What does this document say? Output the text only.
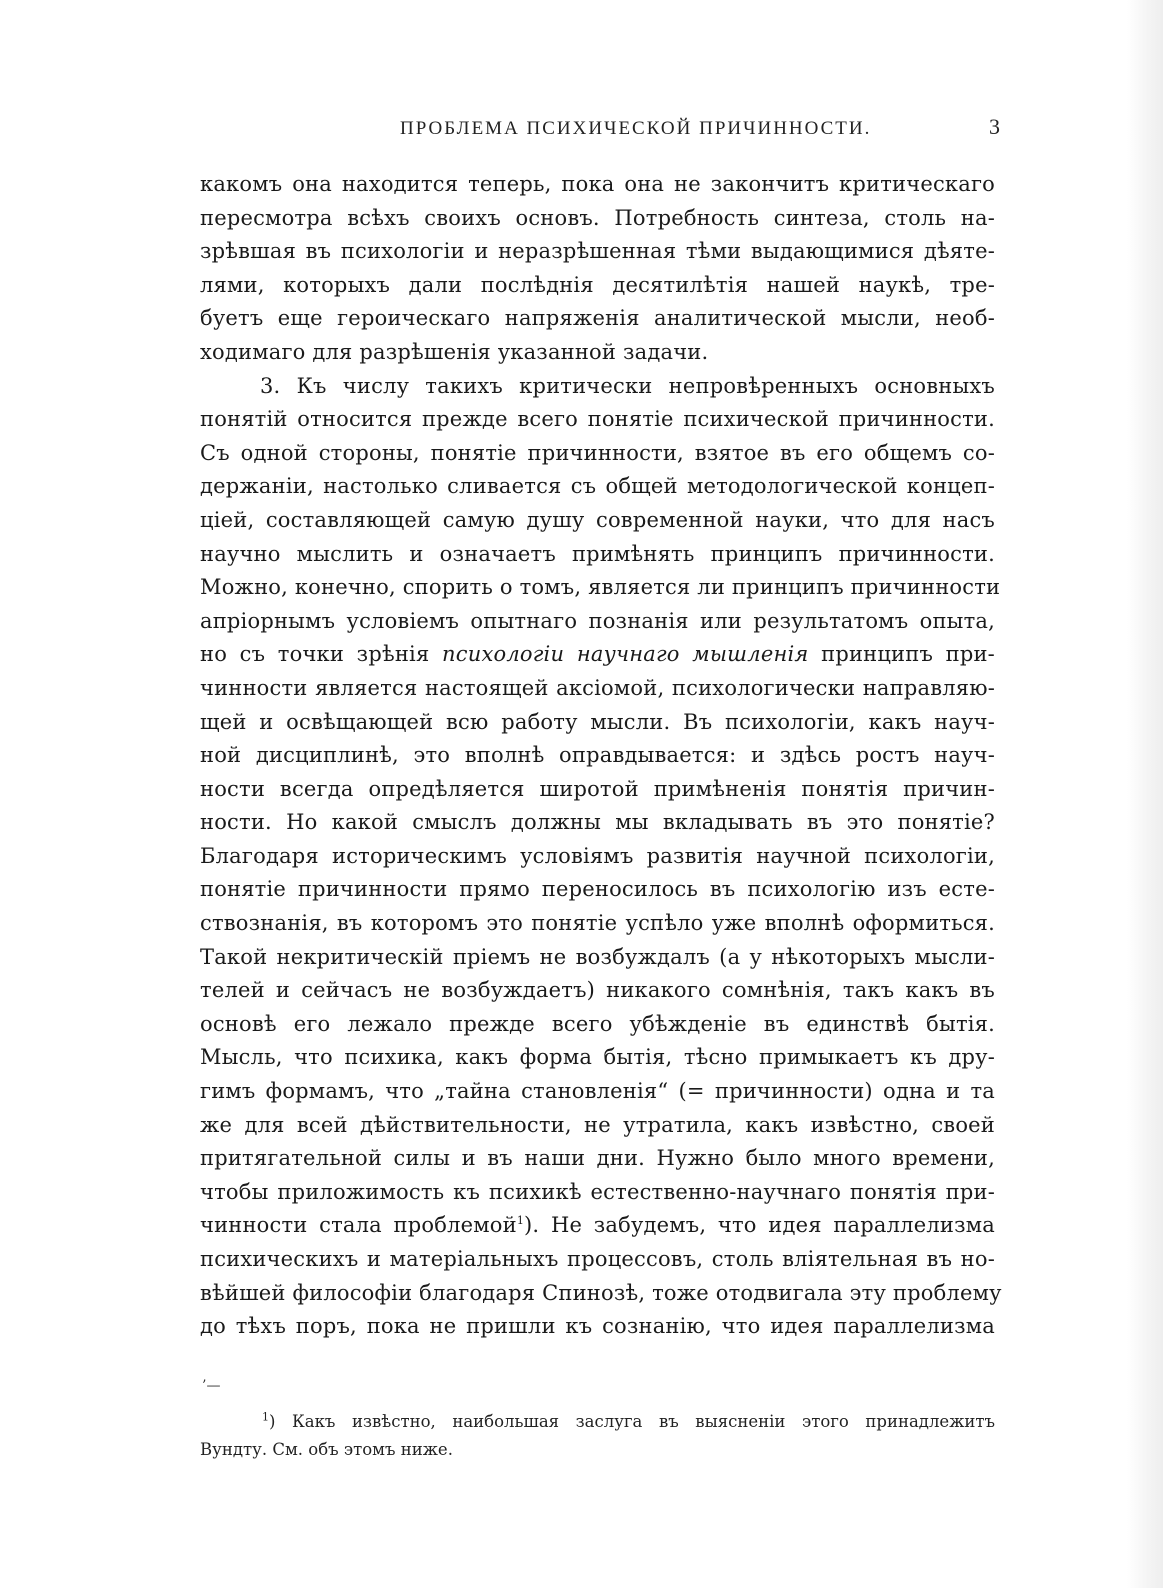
ПРОБЛЕМА ПСИХИЧЕСКОЙ ПРИЧИННОСТИ.	3
какомъ она находится теперь, пока она не закончитъ критическаго
пересмотра всѣхъ своихъ основъ. Потребность синтеза, столь на-
зрѣвшая въ психологіи и неразрѣшенная тѣми выдающимися дѣяте-
лями, которыхъ дали послѣднія десятилѣтія нашей наукѣ, тре-
буетъ еще героическаго напряженія аналитической мысли, необ-
ходимаго для разрѣшенія указанной задачи.
3. Къ числу такихъ критически непровѣренныхъ основныхъ
понятій относится прежде всего понятіе психической причинности.
Съ одной стороны, понятіе причинности, взятое въ его общемъ со-
держаніи, настолько сливается съ общей методологической концеп-
ціей, составляющей самую душу современной науки, что для насъ
научно мыслить и означаетъ примѣнять принципъ причинности.
Можно, конечно, спорить о томъ, является ли принципъ причинности
апріорнымъ условіемъ опытнаго познанія или результатомъ опыта,
но съ точки зрѣнія психологіи научнаго мышленія принципъ при-
чинности является настоящей аксіомой, психологически направляю-
щей и освѣщающей всю работу мысли. Въ психологіи, какъ науч-
ной дисциплинѣ, это вполнѣ оправдывается: и здѣсь ростъ науч-
ности всегда опредѣляется широтой примѣненія понятія причин-
ности. Но какой смыслъ должны мы вкладывать въ это понятіе?
Благодаря историческимъ условіямъ развитія научной психологіи,
понятіе причинности прямо переносилось въ психологію изъ есте-
ствознанія, въ которомъ это понятіе успѣло уже вполнѣ оформиться.
Такой некритическій пріемъ не возбуждалъ (а у нѣкоторыхъ мысли-
телей и сейчасъ не возбуждаетъ) никакого сомнѣнія, такъ какъ въ
основѣ его лежало прежде всего убѣжденіе въ единствѣ бытія.
Мысль, что психика, какъ форма бытія, тѣсно примыкаетъ къ дру-
гимъ формамъ, что „тайна становленія“ (= причинности) одна и та
же для всей дѣйствительности, не утратила, какъ извѣстно, своей
притягательной силы и въ наши дни. Нужно было много времени,
чтобы приложимость къ психикѣ естественно-научнаго понятія при-
чинности стала проблемой$^1$). Не забудемъ, что идея параллелизма
психическихъ и матеріальныхъ процессовъ, столь вліятельная въ но-
вѣйшей философіи благодаря Спинозѣ, тоже отодвигала эту проблему
до тѣхъ поръ, пока не пришли къ сознанію, что идея параллелизма
’—
$^1$) Какъ извѣстно, наибольшая заслуга въ выясненіи этого принадлежитъ
Вундту. См. объ этомъ ниже.
